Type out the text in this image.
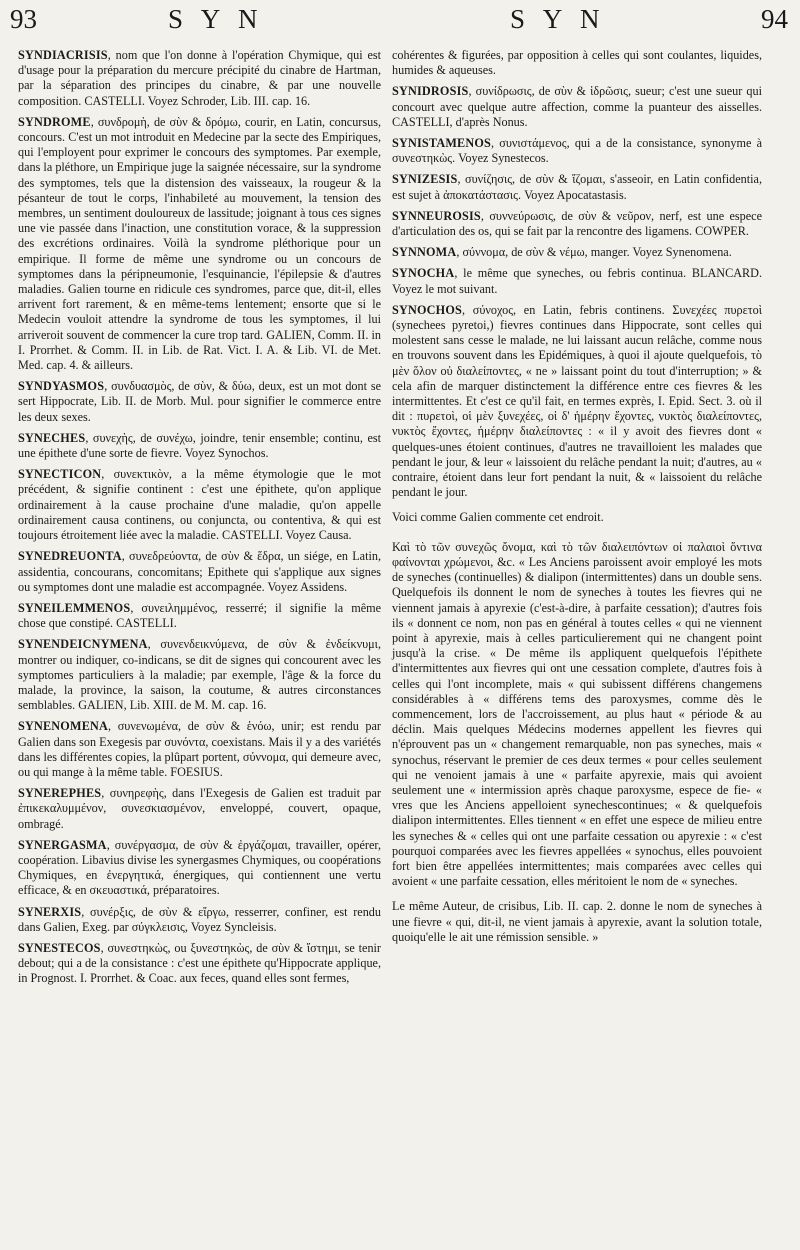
93	S Y N	S Y N	94

SYNDIACRISIS, nom que l'on donne à l'opération Chymique, qui est d'usage pour la préparation du mercure précipité du cinabre de Hartman, par la séparation des principes du cinabre, & par une nouvelle composition. CASTELLI. Voyez Schroder, Lib. III. cap. 16.

SYNDROME, συνδρομὴ, de σὺν & δρόμω, courir, en Latin, concursus, concours. C'est un mot introduit en Medecine par la secte des Empiriques, qui l'employent pour exprimer le concours des symptomes. Par exemple, dans la pléthore, un Empirique juge la saignée nécessaire, sur la syndrome des symptomes, tels que la distension des vaisseaux, la rougeur & la pésanteur de tout le corps, l'inhabileté au mouvement, la tension des membres, un sentiment douloureux de lassitude; joignant à tous ces signes une vie passée dans l'inaction, une constitution vorace, & la suppression des excrétions ordinaires. Voilà la syndrome pléthorique pour un empirique. Il forme de même une syndrome ou un concours de symptomes dans la péripneumonie, l'esquinancie, l'épilepsie & d'autres maladies. Galien tourne en ridicule ces syndromes, parce que, dit-il, elles arrivent fort rarement, & en même-tems lentement; ensorte que si le Medecin vouloit attendre la syndrome de tous les symptomes, il lui arriveroit souvent de commencer la cure trop tard. GALIEN, Comm. II. in I. Prorrhet. & Comm. II. in Lib. de Rat. Vict. I. A. & Lib. VI. de Met. Med. cap. 4. & ailleurs.

SYNDYASMOS, συνδυασμὸς, de σὺν, & δύω, deux, est un mot dont se sert Hippocrate, Lib. II. de Morb. Mul. pour signifier le commerce entre les deux sexes.

SYNECHES, συνεχὴς, de συνέχω, joindre, tenir ensemble; continu, est une épithete d'une sorte de fievre. Voyez Synochos.

SYNECTICON, συνεκτικὸν, a la même étymologie que le mot précédent, & signifie continent : c'est une épithete, qu'on applique ordinairement à la cause prochaine d'une maladie, qu'on appelle ordinairement causa continens, ou conjuncta, ou contentiva, & qui est toujours étroitement liée avec la maladie. CASTELLI. Voyez Causa.

SYNEDREUONTA, συνεδρεύοντα, de σὺν & ἕδρα, un siége, en Latin, assidentia, concourans, concomitans; Epithete qui s'applique aux signes ou symptomes dont une maladie est accompagnée. Voyez Assidens.

SYNEILEMMENOS, συνειλημμένος, resserré; il signifie la même chose que constipé. CASTELLI.

SYNENDEICNYMENA, συνενδεικνύμενα, de σὺν & ἐνδείκνυμι, montrer ou indiquer, co-indicans, se dit de signes qui concourent avec les symptomes particuliers à la maladie; par exemple, l'âge & la force du malade, la province, la saison, la coutume, & autres circonstances semblables. GALIEN, Lib. XIII. de M. M. cap. 16.

SYNENOMENA, συνενωμένα, de σὺν & ἑνόω, unir; est rendu par Galien dans son Exegesis par συνόντα, coexistans. Mais il y a des variétés dans les différentes copies, la plûpart portent, σύννομα, qui demeure avec, ou qui mange à la même table. FOESIUS.

SYNEREPHES, συνηρεφὴς, dans l'Exegesis de Galien est traduit par ἐπικεκαλυμμένον, συνεσκιασμένον, enveloppé, couvert, opaque, ombragé.

SYNERGASMA, συνέργασμα, de σὺν & ἐργάζομαι, travailler, opérer, coopération. Libavius divise les synergasmes Chymiques, ou coopérations Chymiques, en ἐνεργητικά, énergiques, qui contiennent une vertu efficace, & en σκευαστικά, préparatoires.

SYNERXIS, συνέρξις, de σὺν & εἴργω, resserrer, confiner, est rendu dans Galien, Exeg. par σύγκλεισις, Voyez Syncleisis.

SYNESTECOS, συνεστηκὼς, ou ξυνεστηκὼς, de σὺν & ἵστημι, se tenir debout; qui a de la consistance : c'est une épithete qu'Hippocrate applique, in Prognost. I. Prorrhet. & Coac. aux feces, quand elles sont fermes,

cohérentes & figurées, par opposition à celles qui sont coulantes, liquides, humides & aqueuses.

SYNIDROSIS, συνίδρωσις, de σὺν & ἱδρῶσις, sueur; c'est une sueur qui concourt avec quelque autre affection, comme la puanteur des aisselles. CASTELLI, d'après Nonus.

SYNISTAMENOS, συνιστάμενος, qui a de la consistance, synonyme à συνεστηκὼς. Voyez Synestecos.

SYNIZESIS, συνίζησις, de σὺν & ἵζομαι, s'asseoir, en Latin confidentia, est sujet à ἀποκατάστασις. Voyez Apocatastasis.

SYNNEUROSIS, συννεύρωσις, de σὺν & νεῦρον, nerf, est une espece d'articulation des os, qui se fait par la rencontre des ligamens. COWPER.

SYNNOMA, σύννομα, de σὺν & νέμω, manger. Voyez Synenomena.

SYNOCHA, le même que syneches, ou febris continua. BLANCARD. Voyez le mot suivant.

SYNOCHOS, σύνοχος, en Latin, febris continens. Συνεχέες πυρετοὶ (synechees pyretoi,) fievres continues dans Hippocrate, sont celles qui molestent sans cesse le malade, ne lui laissant aucun relâche, comme nous en trouvons souvent dans les Epidémiques, à quoi il ajoute quelquefois, τὸ μὲν ὅλον οὐ διαλείποντες, « ne » laissant point du tout d'interruption; » & cela afin de marquer distinctement la différence entre ces fievres & les intermittentes. Et c'est ce qu'il fait, en termes exprès, I. Epid. Sect. 3. où il dit : πυρετοὶ, οἱ μὲν ξυνεχέες, οἱ δ' ἡμέρην ἔχοντες, νυκτὸς διαλείποντες, νυκτὸς ἔχοντες, ἡμέρην διαλείποντες : « il y avoit des fievres dont « quelques-unes étoient continues, d'autres ne travailloient les malades que pendant le jour, & leur « laissoient du relâche pendant la nuit; d'autres, au « contraire, étoient dans leur fort pendant la nuit, & « laissoient du relâche pendant le jour.

Voici comme Galien commente cet endroit.

Καὶ τὸ τῶν συνεχῶς ὄνομα, καὶ τὸ τῶν διαλειπόντων οἱ παλαιοὶ ὅντινα φαίνονται χρώμενοι, &c. « Les Anciens paroissent avoir employé les mots de syneches (continuelles) & dialipon (intermittentes) dans un double sens. Quelquefois ils donnent le nom de syneches à toutes les fievres qui ne viennent jamais à apyrexie (c'est-à-dire, à parfaite cessation); d'autres fois ils « donnent ce nom, non pas en général à toutes celles « qui ne viennent point à apyrexie, mais à celles particulierement qui ne changent point jusqu'à la crise. « De même ils appliquent quelquefois l'épithete d'intermittentes aux fievres qui ont une cessation complete, d'autres fois à celles qui l'ont incomplete, mais « qui subissent différens changemens considérables à « différens tems des paroxysmes, comme dès le commencement, lors de l'accroissement, au plus haut « période & au déclin. Mais quelques Médecins modernes appellent les fievres qui n'éprouvent pas un « changement remarquable, non pas syneches, mais « synochus, réservant le premier de ces deux termes « pour celles seulement qui ne venoient jamais à une « parfaite apyrexie, mais qui avoient seulement une « intermission après chaque paroxysme, espece de fie- « vres que les Anciens appelloient synechescontinues; « & quelquefois dialipon intermittentes. Elles tiennent « en effet une espece de milieu entre les syneches & « celles qui ont une parfaite cessation ou apyrexie : « c'est pourquoi comparées avec les fievres appellées « synochus, elles pouvoient fort bien être appellées intermittentes; mais comparées avec celles qui avoient « une parfaite cessation, elles méritoient le nom de « syneches.

Le même Auteur, de crisibus, Lib. II. cap. 2. donne le nom de syneches à une fievre « qui, dit-il, ne vient jamais à apyrexie, avant la solution totale, quoiqu'elle le ait une rémission sensible. »
